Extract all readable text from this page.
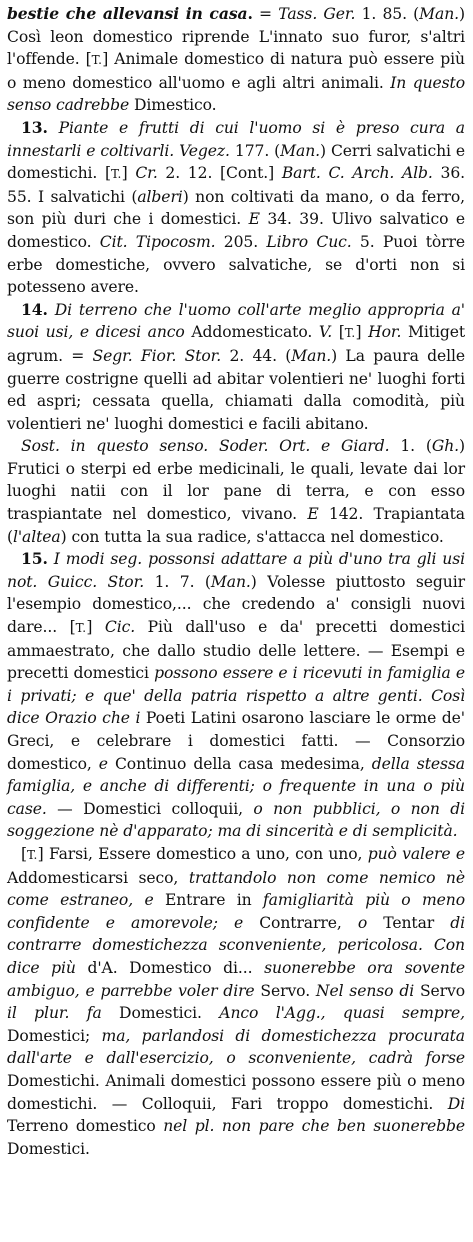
bestie che allevansi in casa. = Tass. Ger. 1. 85. (Man.) Così leon domestico riprende L'innato suo furor, s'altri l'offende. [T.] Animale domestico di natura può essere più o meno domestico all'uomo e agli altri animali. In questo senso cadrebbe Dimestico.

13. Piante e frutti di cui l'uomo si è preso cura a innestarli e coltivarli. Vegez. 177. (Man.) Cerri salvatichi e domestichi. [T.] Cr. 2. 12. [Cont.] Bart. C. Arch. Alb. 36. 55. I salvatichi (alberi) non coltivati da mano, o da ferro, son più duri che i domestici. E 34. 39. Ulivo salvatico e domestico. Cit. Tipocosm. 205. Libro Cuc. 5. Puoi tòrre erbe domestiche, ovvero salvatiche, se d'orti non si potesseno avere.

14. Di terreno che l'uomo coll'arte meglio appropria a' suoi usi, e dicesi anco Addomesticato. V. [T.] Hor. Mitiget agrum. = Segr. Fior. Stor. 2. 44. (Man.) La paura delle guerre costrigne quelli ad abitar volentieri ne' luoghi forti ed aspri; cessata quella, chiamati dalla comodità, più volentieri ne' luoghi domestici e facili abitano.

Sost. in questo senso. Soder. Ort. e Giard. 1. (Gh.) Frutici o sterpi ed erbe medicinali, le quali, levate dai lor luoghi natii con il lor pane di terra, e con esso traspiantate nel domestico, vivano. E 142. Trapiantata (l'altea) con tutta la sua radice, s'attacca nel domestico.

15. I modi seg. possonsi adattare a più d'uno tra gli usi not. Guicc. Stor. 1. 7. (Man.) Volesse piuttosto seguir l'esempio domestico,... che credendo a' consigli nuovi dare... [T.] Cic. Più dall'uso e da' precetti domestici ammaestrato, che dallo studio delle lettere. — Esempi e precetti domestici possono essere e i ricevuti in famiglia e i privati; e que' della patria rispetto a altre genti. Così dice Orazio che i Poeti Latini osarono lasciare le orme de' Greci, e celebrare i domestici fatti. — Consorzio domestico, e Continuo della casa medesima, della stessa famiglia, e anche di differenti; o frequente in una o più case. — Domestici colloquii, o non pubblici, o non di soggezione nè d'apparato; ma di sincerità e di semplicità.

[T.] Farsi, Essere domestico a uno, con uno, può valere e Addomesticarsi seco, trattandolo non come nemico nè come estraneo, e Entrare in famigliarità più o meno confidente e amorevole; e Contrarre, o Tentar di contrarre domestichezza sconveniente, pericolosa. Con dice più d'A. Domestico di... suonerebbe ora sovente ambiguo, e parrebbe voler dire Servo. Nel senso di Servo il plur. fa Domestici. Anco l'Agg., quasi sempre, Domestici; ma, parlandosi di domestichezza procurata dall'arte e dall'esercizio, o sconveniente, cadrà forse Domestichi. Animali domestici possono essere più o meno domestichi. — Colloquii, Fari troppo domestichi. Di Terreno domestico nel pl. non pare che ben suonerebbe Domestici.
